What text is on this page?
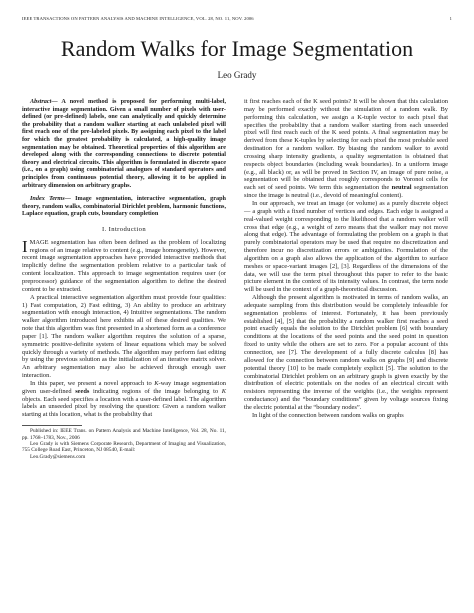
IEEE TRANSACTIONS ON PATTERN ANALYSIS AND MACHINE INTELLIGENCE, VOL. 28, NO. 11, NOV. 2006	1
Random Walks for Image Segmentation
Leo Grady

Abstract— A novel method is proposed for performing multi-label, interactive image segmentation. Given a small number of pixels with user-defined (or pre-defined) labels, one can analytically and quickly determine the probability that a random walker starting at each unlabeled pixel will first reach one of the pre-labeled pixels. By assigning each pixel to the label for which the greatest probability is calculated, a high-quality image segmentation may be obtained. Theoretical properties of this algorithm are developed along with the corresponding connections to discrete potential theory and electrical circuits. This algorithm is formulated in discrete space (i.e., on a graph) using combinatorial analogues of standard operators and principles from continuous potential theory, allowing it to be applied in arbitrary dimension on arbitrary graphs.

Index Terms— Image segmentation, interactive segmentation, graph theory, random walks, combinatorial Dirichlet problem, harmonic functions, Laplace equation, graph cuts, boundary completion

I. Introduction

IMAGE segmentation has often been defined as the problem of localizing regions of an image relative to content (e.g., image homogeneity). However, recent image segmentation approaches have provided interactive methods that implicitly define the segmentation problem relative to a particular task of content localization. This approach to image segmentation requires user (or preprocessor) guidance of the segmentation algorithm to define the desired content to be extracted.

A practical interactive segmentation algorithm must provide four qualities: 1) Fast computation, 2) Fast editing, 3) An ability to produce an arbitrary segmentation with enough interaction, 4) Intuitive segmentations. The random walker algorithm introduced here exhibits all of these desired qualities. We note that this algorithm was first presented in a shortened form as a conference paper [1]. The random walker algorithm requires the solution of a sparse, symmetric positive-definite system of linear equations which may be solved quickly through a variety of methods. The algorithm may perform fast editing by using the previous solution as the initialization of an iterative matrix solver. An arbitrary segmentation may also be achieved through enough user interaction.

In this paper, we present a novel approach to K-way image segmentation given user-defined seeds indicating regions of the image belonging to K objects. Each seed specifies a location with a user-defined label. The algorithm labels an unseeded pixel by resolving the question: Given a random walker starting at this location, what is the probability that

Published in: IEEE Trans. on Pattern Analysis and Machine Intelligence, Vol. 28, No. 11, pp. 1768–1783, Nov., 2006

Leo Grady is with Siemens Corporate Research, Department of Imaging and Visualization, 755 College Road East, Princeton, NJ 08540, E-mail:

Leo.Grady@siemens.com

it first reaches each of the K seed points? It will be shown that this calculation may be performed exactly without the simulation of a random walk. By performing this calculation, we assign a K-tuple vector to each pixel that specifies the probability that a random walker starting from each unseeded pixel will first reach each of the K seed points. A final segmentation may be derived from these K-tuples by selecting for each pixel the most probable seed destination for a random walker. By biasing the random walker to avoid crossing sharp intensity gradients, a quality segmentation is obtained that respects object boundaries (including weak boundaries). In a uniform image (e.g., all black) or, as will be proved in Section IV, an image of pure noise, a segmentation will be obtained that roughly corresponds to Voronoi cells for each set of seed points. We term this segmentation the neutral segmentation since the image is neutral (i.e., devoid of meaningful content).

In our approach, we treat an image (or volume) as a purely discrete object — a graph with a fixed number of vertices and edges. Each edge is assigned a real-valued weight corresponding to the likelihood that a random walker will cross that edge (e.g., a weight of zero means that the walker may not move along that edge). The advantage of formulating the problem on a graph is that purely combinatorial operators may be used that require no discretization and therefore incur no discretization errors or ambiguities. Formulation of the algorithm on a graph also allows the application of the algorithm to surface meshes or space-variant images [2], [3]. Regardless of the dimensions of the data, we will use the term pixel throughout this paper to refer to the basic picture element in the context of its intensity values. In contrast, the term node will be used in the context of a graph-theoretical discussion.

Although the present algorithm is motivated in terms of random walks, an adequate sampling from this distribution would be completely infeasible for segmentation problems of interest. Fortunately, it has been previously established [4], [5] that the probability a random walker first reaches a seed point exactly equals the solution to the Dirichlet problem [6] with boundary conditions at the locations of the seed points and the seed point in question fixed to unity while the others are set to zero. For a popular account of this connection, see [7]. The development of a fully discrete calculus [8] has allowed for the connection between random walks on graphs [9] and discrete potential theory [10] to be made completely explicit [5]. The solution to the combinatorial Dirichlet problem on an arbitrary graph is given exactly by the distribution of electric potentials on the nodes of an electrical circuit with resistors representing the inverse of the weights (i.e., the weights represent conductance) and the “boundary conditions” given by voltage sources fixing the electric potential at the “boundary nodes”.

In light of the connection between random walks on graphs
